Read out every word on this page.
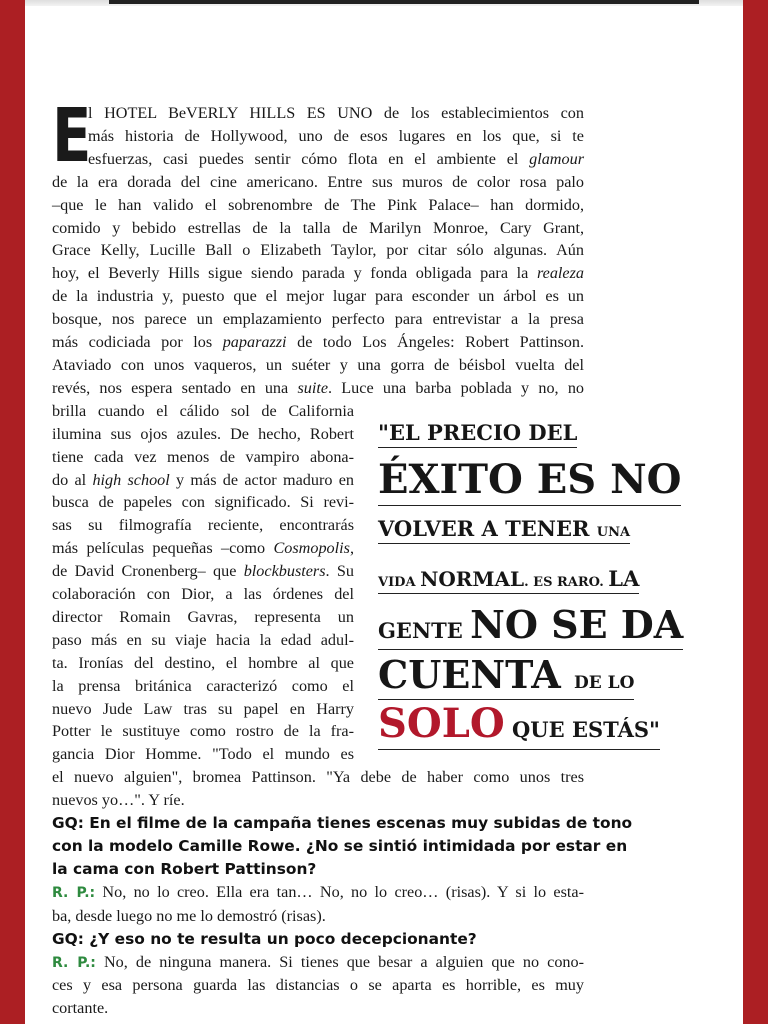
E
l HOTEL BeVERLY HILLS ES UNO de los establecimientos con
más historia de Hollywood, uno de esos lugares en los que, si te
esfuerzas, casi puedes sentir cómo flota en el ambiente el glamour
de la era dorada del cine americano. Entre sus muros de color rosa palo
–que le han valido el sobrenombre de The Pink Palace– han dormido,
comido y bebido estrellas de la talla de Marilyn Monroe, Cary Grant,
Grace Kelly, Lucille Ball o Elizabeth Taylor, por citar sólo algunas. Aún
hoy, el Beverly Hills sigue siendo parada y fonda obligada para la realeza
de la industria y, puesto que el mejor lugar para esconder un árbol es un
bosque, nos parece un emplazamiento perfecto para entrevistar a la presa
más codiciada por los paparazzi de todo Los Ángeles: Robert Pattinson.
Ataviado con unos vaqueros, un suéter y una gorra de béisbol vuelta del
revés, nos espera sentado en una suite. Luce una barba poblada y no, no
brilla cuando el cálido sol de California
ilumina sus ojos azules. De hecho, Robert
tiene cada vez menos de vampiro abona-
do al high school y más de actor maduro en
busca de papeles con significado. Si revi-
sas su filmografía reciente, encontrarás
más películas pequeñas –como Cosmopolis,
de David Cronenberg– que blockbusters. Su
colaboración con Dior, a las órdenes del
director Romain Gavras, representa un
paso más en su viaje hacia la edad adul-
ta. Ironías del destino, el hombre al que
la prensa británica caracterizó como el
nuevo Jude Law tras su papel en Harry
Potter le sustituye como rostro de la fra-
gancia Dior Homme. "Todo el mundo es
el nuevo alguien", bromea Pattinson. "Ya debe de haber como unos tres
nuevos yo…". Y ríe.
GQ: En el filme de la campaña tienes escenas muy subidas de tono
con la modelo Camille Rowe. ¿No se sintió intimidada por estar en
la cama con Robert Pattinson?
R. P.: No, no lo creo. Ella era tan… No, no lo creo… (risas). Y si lo esta-
ba, desde luego no me lo demostró (risas).
GQ: ¿Y eso no te resulta un poco decepcionante?
R. P.: No, de ninguna manera. Si tienes que besar a alguien que no cono-
ces y esa persona guarda las distancias o se aparta es horrible, es muy
cortante.
"EL PRECIO DEL
ÉXITO ES NO
VOLVER A TENER UNA
VIDA NORMAL. ES RARO. LA
GENTE NO SE DA
CUENTA DE LO
SOLO QUE ESTÁS"
